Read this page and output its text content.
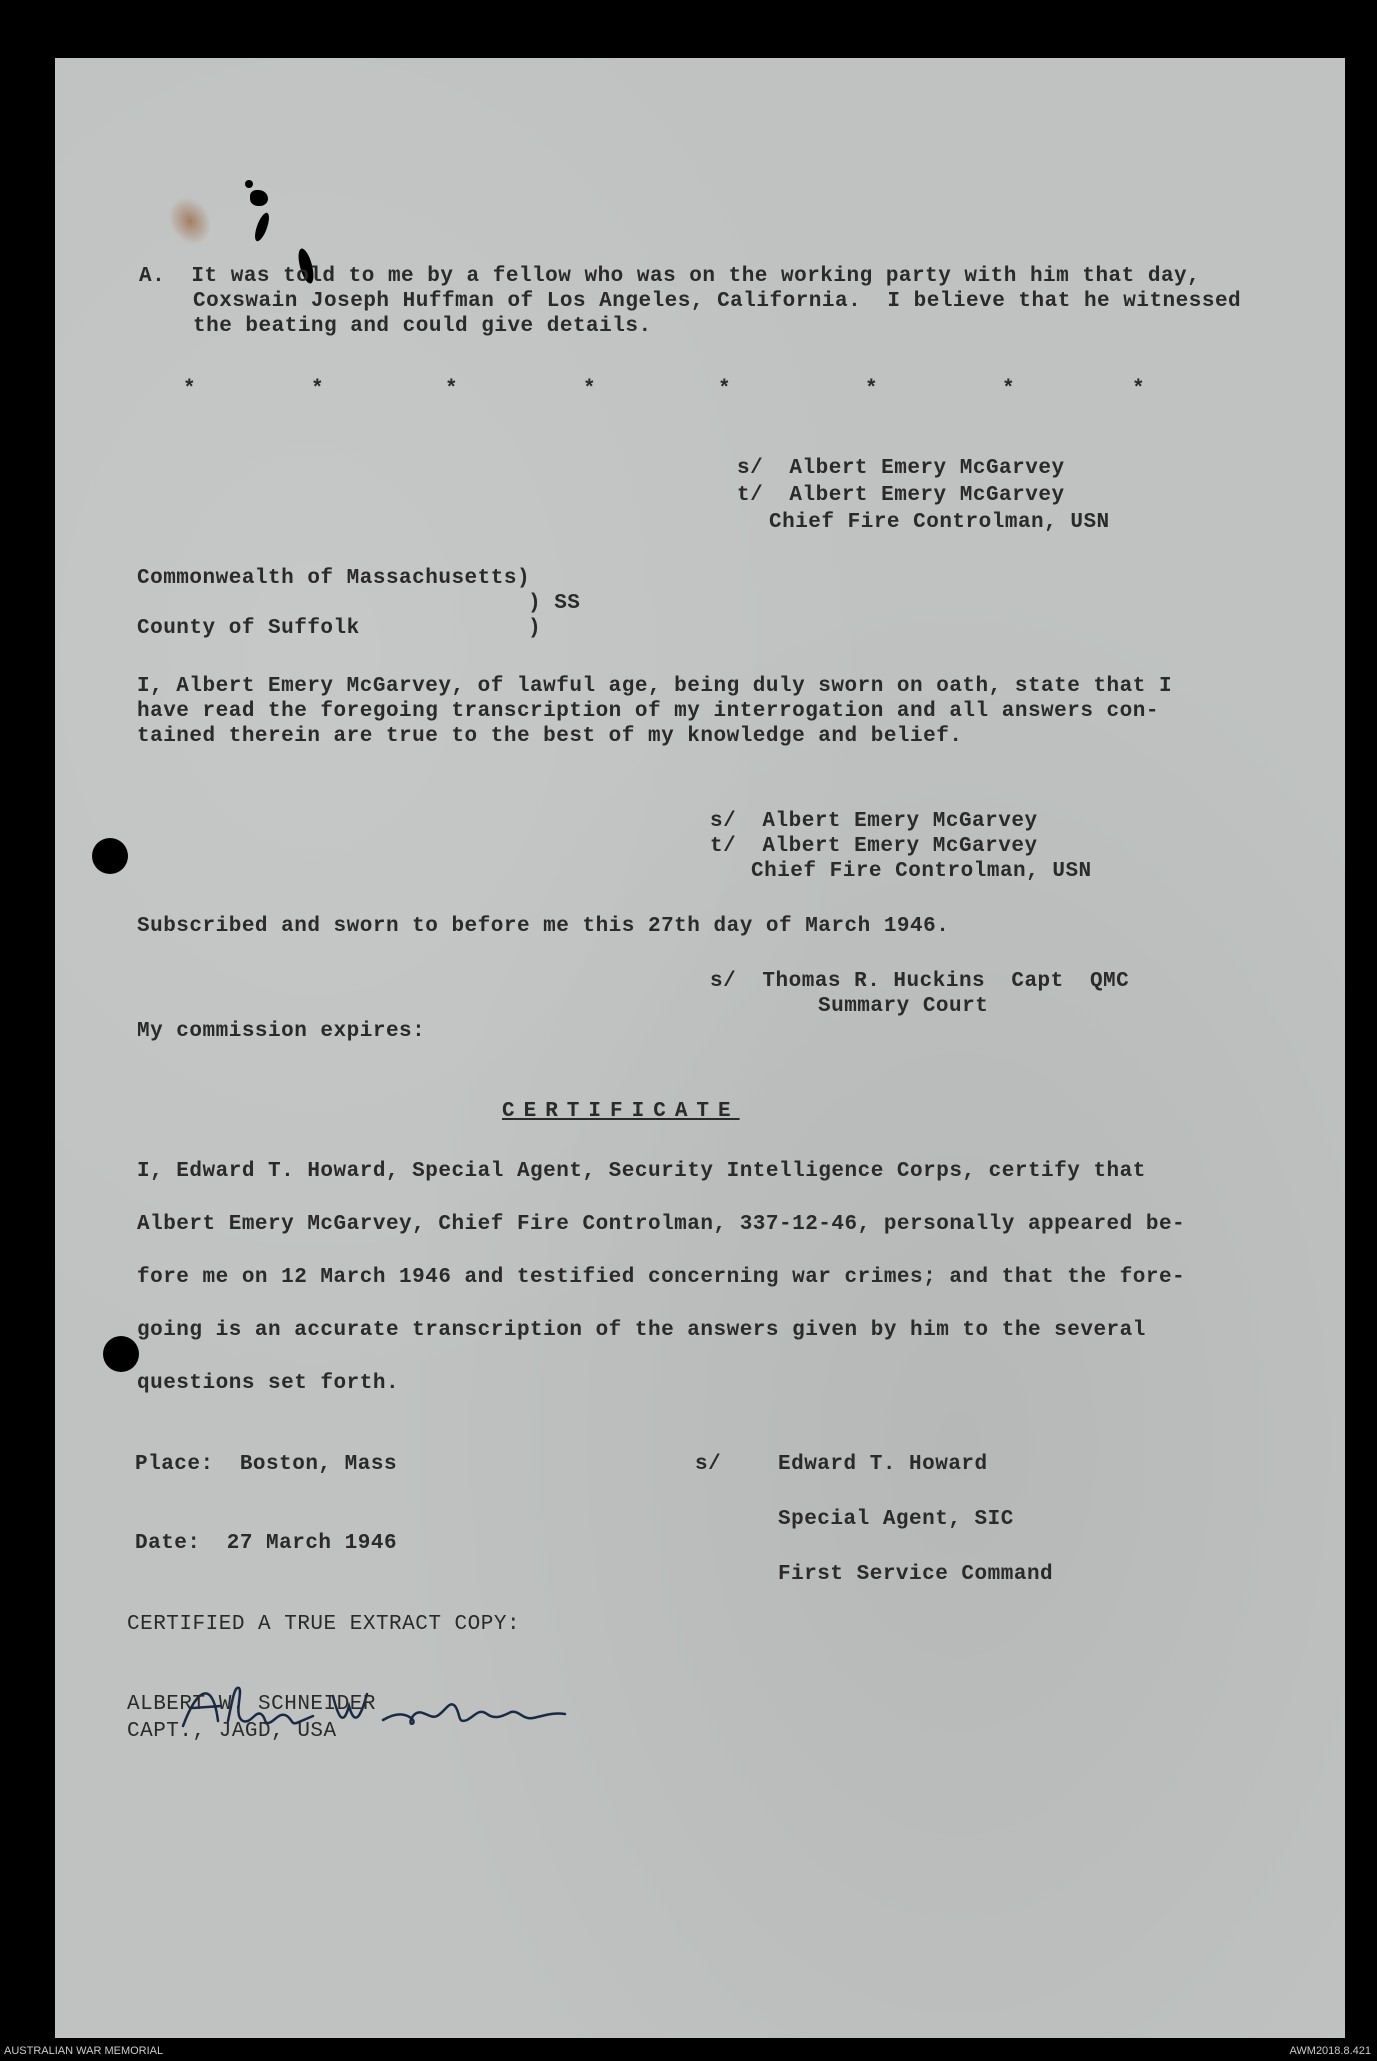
A.  It was told to me by a fellow who was on the working party with him that day,
Coxswain Joseph Huffman of Los Angeles, California.  I believe that he witnessed
the beating and could give details.
*	*	*	*	*	*	*	*
s/  Albert Emery McGarvey
t/  Albert Emery McGarvey
Chief Fire Controlman, USN
Commonwealth of Massachusetts)
) SS
County of Suffolk	)
I, Albert Emery McGarvey, of lawful age, being duly sworn on oath, state that I
have read the foregoing transcription of my interrogation and all answers con-
tained therein are true to the best of my knowledge and belief.
s/  Albert Emery McGarvey
t/  Albert Emery McGarvey
Chief Fire Controlman, USN
Subscribed and sworn to before me this 27th day of March 1946.
s/  Thomas R. Huckins  Capt  QMC
Summary Court
My commission expires:
CERTIFICATE
I, Edward T. Howard, Special Agent, Security Intelligence Corps, certify that
Albert Emery McGarvey, Chief Fire Controlman, 337-12-46, personally appeared be-
fore me on 12 March 1946 and testified concerning war crimes; and that the fore-
going is an accurate transcription of the answers given by him to the several
questions set forth.
Place:  Boston, Mass	s/	Edward T. Howard
Special Agent, SIC
Date:  27 March 1946
First Service Command
CERTIFIED A TRUE EXTRACT COPY:
ALBERT W. SCHNEIDER
CAPT., JAGD, USA
AUSTRALIAN WAR MEMORIAL	AWM2018.8.421
